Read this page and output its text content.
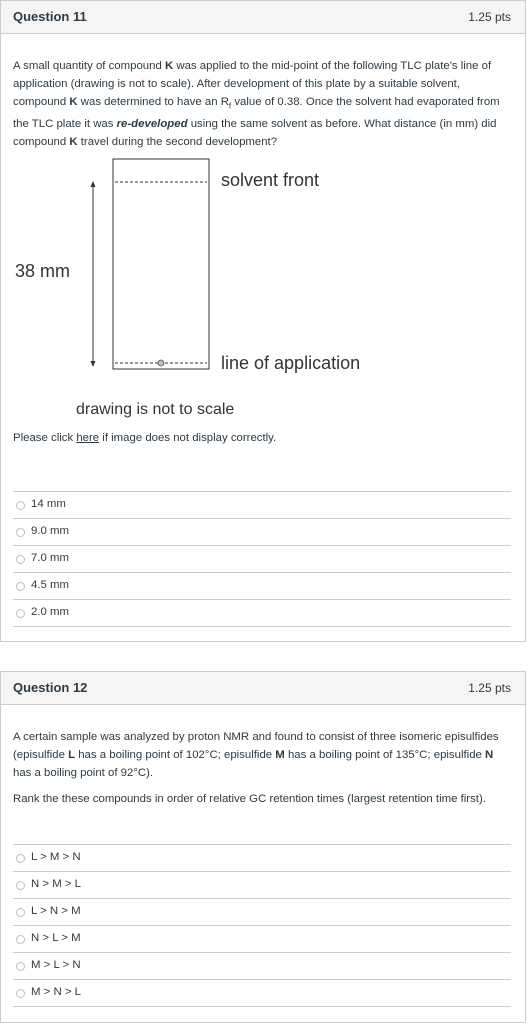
Question 11	1.25 pts
A small quantity of compound K was applied to the mid-point of the following TLC plate's line of application (drawing is not to scale). After development of this plate by a suitable solvent, compound K was determined to have an $R_f$ value of 0.38. Once the solvent had evaporated from the TLC plate it was re-developed using the same solvent as before. What distance (in mm) did compound K travel during the second development?
solvent front
38 mm
line of application
drawing is not to scale
Please click here if image does not display correctly.
14 mm
9.0 mm
7.0 mm
4.5 mm
2.0 mm
Question 12	1.25 pts
A certain sample was analyzed by proton NMR and found to consist of three isomeric episulfides (episulfide L has a boiling point of 102°C; episulfide M has a boiling point of 135°C; episulfide N has a boiling point of 92°C).
Rank the these compounds in order of relative GC retention times (largest retention time first).
L > M > N
N > M > L
L > N > M
N > L > M
M > L > N
M > N > L
